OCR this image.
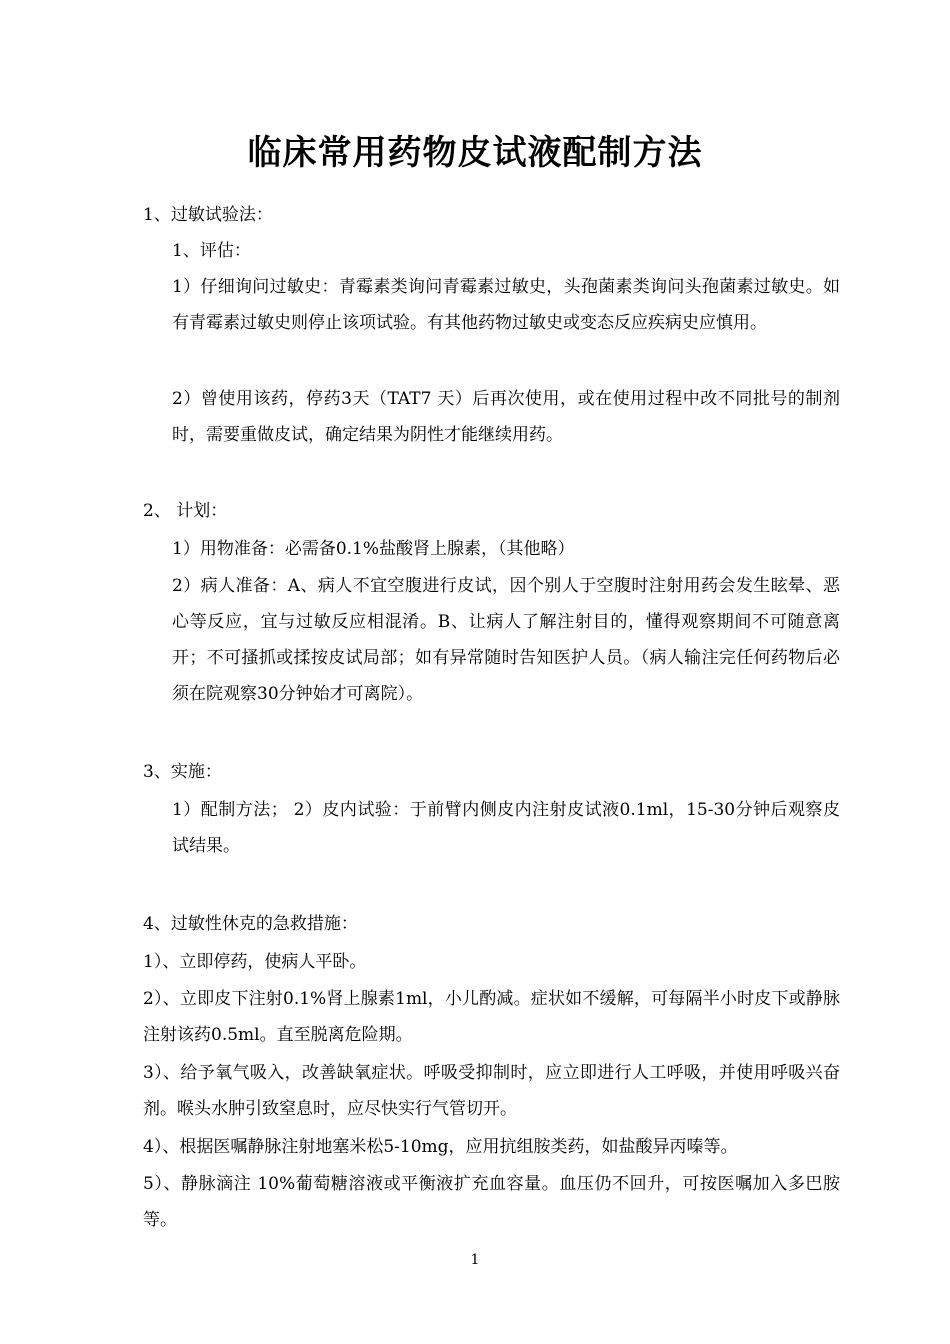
临床常用药物皮试液配制方法

1、过敏试验法：

1、评估：

1）仔细询问过敏史：青霉素类询问青霉素过敏史，头孢菌素类询问头孢菌素过敏史。如有青霉素过敏史则停止该项试验。有其他药物过敏史或变态反应疾病史应慎用。

2）曾使用该药，停药3天（TAT7 天）后再次使用，或在使用过程中改不同批号的制剂时，需要重做皮试，确定结果为阴性才能继续用药。

2、 计划：

1）用物准备：必需备0.1%盐酸肾上腺素，（其他略）

2）病人准备：A、病人不宜空腹进行皮试，因个别人于空腹时注射用药会发生眩晕、恶心等反应，宜与过敏反应相混淆。B、让病人了解注射目的，懂得观察期间不可随意离开；不可搔抓或揉按皮试局部；如有异常随时告知医护人员。（病人输注完任何药物后必须在院观察30分钟始才可离院）。

3、实施：

1）配制方法； 2）皮内试验：于前臂内侧皮内注射皮试液0.1ml，15-30分钟后观察皮试结果。

4、过敏性休克的急救措施：

1）、立即停药，使病人平卧。

2）、立即皮下注射0.1%肾上腺素1ml，小儿酌减。症状如不缓解，可每隔半小时皮下或静脉注射该药0.5ml。直至脱离危险期。

3）、给予氧气吸入，改善缺氧症状。呼吸受抑制时，应立即进行人工呼吸，并使用呼吸兴奋剂。喉头水肿引致窒息时，应尽快实行气管切开。

4）、根据医嘱静脉注射地塞米松5-10mg，应用抗组胺类药，如盐酸异丙嗪等。

5）、静脉滴注 10%葡萄糖溶液或平衡液扩充血容量。血压仍不回升，可按医嘱加入多巴胺等。

1
